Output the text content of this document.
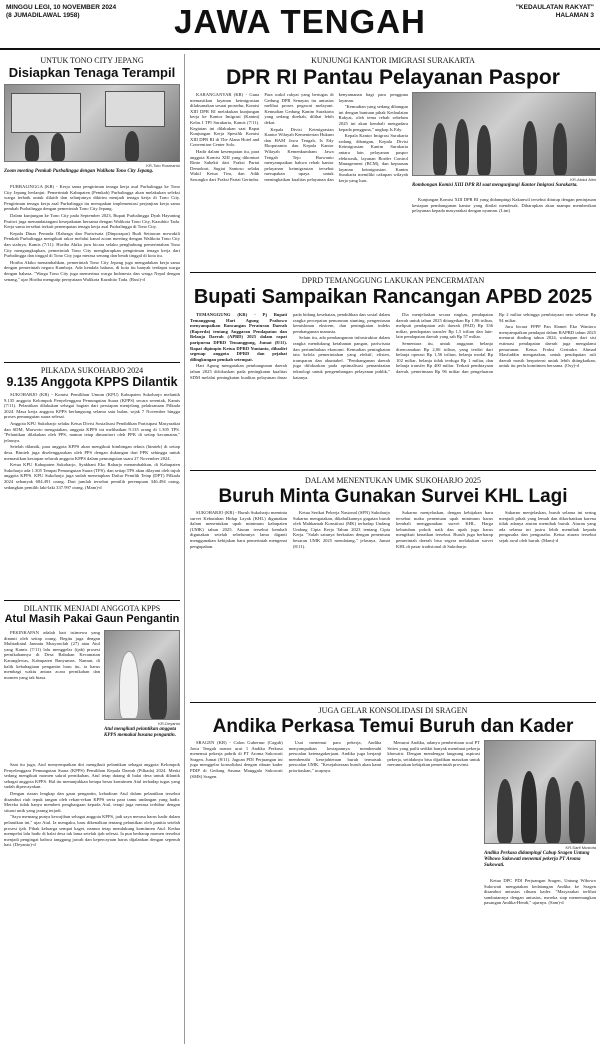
MINGGU LEGI, 10 NOVEMBER 2024
(8 JUMADILAWAL 1958)	JAWA TENGAH	"KEDAULATAN RAKYAT"
HALAMAN 3
UNTUK TONO CITY JEPANG
Disiapkan Tenaga Terampil
KR-Toto Rusmanto
Zoom meeting Pemkab Purbalingga dengan Walikota Tono City Jepang.

PURBALINGGA (KR) - Kerja sama pengiriman tenaga kerja asal Purbalingga ke Tono City Jepang berlanjut. Pemerintah Kabupaten (Pemkab) Purbalingga akan melakukan seleksi warga terbaik untuk dilatih dan selanjutnya dikirim menjadi tenaga kerja di Tono City. Pengiriman tenaga kerja asal Purbalingga itu merupakan implementasi perjanjian kerja sama pemkab Purbalingga dengan pemerintah Tono City Jepang.

Dalam kunjungan ke Tono City pada September 2023, Bupati Purbalingga Dyah Hayuning Pratiwi juga menandatangani kesepakatan bersama dengan Walikota Tono City, Kazuhito Tada. Kerja sama tersebut terkait penempatan tenaga kerja asal Purbalingga di Tono City.

Kepala Dinas Pemuda Olahraga dan Pariwisata (Dinporapar) Budi Setiawan mewakili Pemkab Purbalingga mengikuti rakor melalui kanal zoom meeting dengan Walikota Tono City dan stafnya, Kamis (7/11). Horiba Akiko juru bicara selaku penghubung pemerintahan Tono City mengungkapkan, pemerintah Tono City mengharapkan pengiriman tenaga kerja dari Purbalingga dan tinggal di Tono City juga merasa senang dan betah tinggal di kota itu.

Horiba Akiko menambahkan, pemerintah Tono City Jepang juga mengadakan kerja sama dengan pemerintah negara Kamboja. Ada kendala bahasa, di kota itu banyak terdapat warga dengan bahasa. "Warga Tono City juga memerima warga Indonesia dan warga Nepal dengan senang," ujar Horiba mengutip pernyataan Walikota Kazuhito Tada. (Rusi)-d

PILKADA SUKOHARJO 2024
9.135 Anggota KPPS Dilantik

SUKOHARJO (KR) - Komisi Pemilihan Umum (KPU) Kabupaten Sukoharjo melantik 9.135 anggota Kelompok Penyelenggara Pemungutan Suara (KPPS) secara serentak, Kamis (7/11). Pelantikan dilakukan sebagai bagian dari persiapan menjelang pelaksanaan Pilkada 2024. Masa kerja anggota KPPS berlangsung selama satu bulan, sejak 7 November hingga proses pemungutan suara selesai.

Anggota KPU Sukoharjo selaku Ketua Divisi Sosialisasi Pendidikan Partisipasi Masyarakat dan SDM, Marwoto mengatakan, anggota KPPS ini melibatkan 9.135 orang di 1.305 TPS. "Pelantikan dilakukan oleh PPS, namun tetap dimonitori oleh PPK di setiap kecamatan," jelasnya.

Setelah dilantik, para anggota KPPS akan mengikuti bimbingan teknis (bimtek) di setiap desa. Bimtek juga diselenggarakan oleh PPS dengan dukungan dari PPK sehingga untuk memastikan kesiapan seluruh anggota KPPS dalam pemungutan suara 27 November 2024.

Ketua KPU Kabupaten Sukoharjo, Syakbani Eko Raharjo menambahkan, di Kabupaten Sukoharjo ada 1.305 Tempat Pemungutan Suara (TPS), dan setiap TPS akan dilayani oleh tujuh anggota KPPS. KPU Sukoharjo juga sudah menetapkan Daftar Pemilih Tetap (DPT) Pilkada 2024 sebanyak 684.491 orang. Dari jumlah tersebut pemilih perempuan 346.494 orang, sedangkan pemilih laki-laki 337.997 orang. (Mam)-d

DILANTIK MENJADI ANGGOTA KPPS
Atul Masih Pakai Gaun Pengantin

PEKINKAPAN adalah hari istimewa yang dinanti oleh setiap orang. Begitu juga dengan Muhtadiatul Jannatu Musyarofah (27) atau Atul yang Kamis (7/11) lalu menggelar (ijab) prosesi pernikahannya di Desa Babakan Kecamatan Karanglewas, Kabupaten Banyumas. Namun, di balik kebahagiaan pengantin baru itu, ia harus membagi waktu antara acara pernikahan dan momen yang tak biasa.

KR-Deyanto
Atul mengikuti pelantikan anggota KPPS memakai busana pengantin.

Saat itu juga, Atul menyempatkan diri mengikuti pelantikan sebagai anggota Kelompok Penyelenggara Pemungutan Suara (KPPS) Pemilihan Kepala Daerah (Pilkada) 2024. Meski sedang mengikuti momen sakral pernikahan, Atul tetap datang di balai desa untuk dilantik sebagai anggota KPPS. Hal itu menunjukkan betapa besar komitmen Atul terhadap tugas yang sudah dipercayakan.

Dengan riasan lengkap dan gaun pengantin, kehadiran Atul dalam pelantikan tersebut disambut riuh tepuk tangan oleh rekan-rekan KPPS serta para tamu undangan yang hadir. Mereka tidak hanya memberi penghargaan kepada Atul, tetapi juga merasa terhibur dengan situasi unik yang jarang terjadi.

"Saya memang punya kewajiban sebagai anggota KPPS, jadi saya merasa harus hadir dalam pelantikan ini," ujar Atul. Ia mengaku, baru dikenalkan tentang pelantikan oleh panitia setelah prosesi ijab. Pihak keluarga sempat kaget, namun tetap mendukung komitmen Atul. Kedua mempelai lalu hadir di balai desa tak lama setelah ijab selesai. Ia pun berharap momen tersebut menjadi pengingat bahwa tanggung jawab dan kepercayaan harus dijalankan dengan sepenuh hati. (Deyanto)-d

KUNJUNGI KANTOR IMIGRASI SURAKARTA
DPR RI Pantau Pelayanan Paspor

KARANGANYAR (KR) - Guna memastikan layanan keimigrasian dilaksanakan sesuai prosedur, Komisi XIII DPR RI melakukan kunjungan kerja ke Kantor Imigrasi (Kanim) Kelas I TPI Surakarta, Kamis (7/11). Kegiatan ini dilakukan saat Rapat Kunjungan Kerja Spesifik Komisi XIII DPR RI di The Alana Hotel and Convention Center Solo.

Hadir dalam kesempatan itu, para anggota Komisi XIII yang dikoniuri Rinto Subekti dari Fraksi Partai Demokrat, Sugiat Santoso selaku Wakil Ketua Tim, dan Adik Sasongko dari Fraksi Partai Gerindra. Para wakil rakyat yang bertugas di Gedung DPR Senayan itu antusias melihat proses pegawai melayani. Kemudian Gedung Kanim Surakarta yang sedang direhab, dilihat lebih dekat.

Kepala Divisi Keimigrasian Kantor Wilayah Kementerian Hukum dan HAM Jawa Tengah, Is Edy Ekoputranto dan Kepala Kantor Wilayah Kemenkumham Jawa Tengah Tejo Harwanto menyampaikan bahwa rehab kantor pelayanan keimigrasian tersebut merupakan upaya untuk meningkatkan kualitas pelayanan dan kenyamanan bagi para pengguna layanan.

"Kemudian yang sedang dibangun ini dengan bantuan pihak Kedaulatan Rakyat, oleh tema rehab sebelum 2025 ini akan kembali mengudara kepada pengguna," ungkap Is Edy.

Kepala Kantor Imigrasi Surakarta sedang dibangun, Kepala Divisi Keimigrasian Kanim Surakarta antara lain pelayanan paspor elektronik, layanan Border Control Management (BCM), dan kepuasan layanan keimigrasian. Kanim Surakarta memiliki cakupan wilayah kerja yang luas.	KR-Abdul Alim
Rombongan Komisi XIII DPR RI saat mengunjungi Kantor Imigrasi Surakarta.

Kunjungan Komisi XIII DPR RI yang didampingi Kakanwil tersebut ditutup dengan peninjauan kesiapan pembangunan kantor yang dinilai mendesak. Diharapkan akan mampu memberikan pelayanan kepada masyarakat dengan nyaman. (Lim)

DPRD TEMANGGUNG LAKUKAN PENCERMATAN
Bupati Sampaikan Rancangan APBD 2025

TEMANGGUNG (KR) - Pj Bupati Temanggung Hari Agung Prabowo menyampaikan Rancangan Peraturan Daerah (Raperda) tentang Anggaran Pendapatan dan Belanja Daerah (APBD) 2025 dalam rapat paripurna DPRD Temanggung, Jumat (8/11). Rapat dipimpin Ketua DPRD Yunianto, dihadiri segenap anggota DPRD dan pejabat dilingkungan pemkab setempat.

Hari Agung mengatakan pembangunan daerah tahun 2025 difokuskan pada peningkatan kualitas SDM melalui peningkatan kualitas pelayanan dasar pada bidang kesehatan, pendidikan dan sosial dalam rangka percepatan penurunan stunting, pengentasan kemiskinan ekstrem, dan peningkatan indeks pembangunan manusia.

Selain itu, ada pembangunan infrastruktur dalam rangka mendukung ketahanan pangan, pariwisata dan pertumbuhan ekonomi. Kemudian peningkatan tata kelola pemerintahan yang efektif, efisien, transparan dan akuntabel. "Pembangunan daerah juga difokuskan pada optimalisasi pemanfaatan teknologi untuk pengembangan pelayanan publik," katanya.

Dia menjelaskan secara ringkas, pendapatan daerah untuk tahun 2025 ditargetkan Rp 1,96 triliun, meliputi pendapatan asli daerah (PAD) Rp 336 miliar, pendapatan transfer Rp 1,5 triliun dan lain-lain pendapatan daerah yang sah Rp 57 miliar.

Sementara itu, untuk anggaran belanja direncanakan Rp 2,06 triliun, yang terdiri dari belanja operasi Rp 1,56 triliun, belanja modal Rp 102 miliar, belanja tidak terduga Rp 1 miliar, dan belanja transfer Rp 400 miliar. Terkait pembiayaan daerah, penerimaan Rp 96 miliar dan pengeluaran Rp 2 miliar sehingga pembiayaan neto sebesar Rp 94 miliar.

Juru bicara FPPP Pan Slamet Eko Wantoro menyampaikan pendapat dalam RAPBD tahun 2025 menurut dinding tahun 2024, walaupun dari sisi estimasi pendapatan daerah juga mengalami penurunan. Ketua Fraksi Gerindra Ahmad Masfuddin mengatakan, untuk pendapatan asli daerah masih berpotensi untuk lebih ditingkatkan, untuk itu perlu komitmen bersama. (Osy)-d

DALAM MENENTUKAN UMK SUKOHARJO 2025
Buruh Minta Gunakan Survei KHL Lagi

SUKOHARJO (KR) - Buruh Sukoharjo meminta survei Kebutuhan Hidup Layak (KHL) digunakan dalam menentukan upah minimum kabupaten (UMK) tahun 2025. Aturan tersebut kembali digunakan setelah sebelumnya lama diganti menggunakan kebijakan baru pemerintah mengenai pengupahan.

Ketua Serikat Pekerja Nasional (SPN) Sukoharjo Sukarno mengatakan, dikabulkannya gugatan buruh oleh Mahkamah Konstitusi (MK) terhadap Undang Undang Cipta Kerja Tahun 2023 tentang Cipta Kerja. "Salah satunya berkaitan dengan penentuan besaran UMK 2025 mendatang," jelasnya, Jumat (8/11).

Sukarno menjelaskan, dengan kebijakan baru tersebut maka penentuan upah minimum harus kembali menggunakan survei KHL. Harga kebutuhan pokok naik dan upah juga harus mengikuti kenaikan tersebut. Buruh juga berharap pemerintah daerah bisa segera melakukan survei KHL di pasar tradisional di Sukoharjo.

Sukarno menjelaskan, buruh selama ini sering menjadi pihak yang lemah dan dikorbankan karena tidak adanya aturan memihak buruh. Aturan yang ada selama ini justru lebih memihak kepada pengusaha dan pengusaha. Ketua aturan tersebut sejak awal oleh buruh. (Mam)-d

JUGA GELAR KONSOLIDASI DI SRAGEN
Andika Perkasa Temui Buruh dan Kader

SRAGEN (KR) - Calon Gubernur (Cagub) Jawa Tengah nomor urut 1 Andika Perkasa menemui pekerja pabrik di PT Aroma Sukowati Sragen, Jumat (8/11). Jagoan PDI Perjuangan ini juga menggelar konsolidasi dengan ribuan kader PDIP di Gedung Sasana Manggala Sukowati (SMS) Sragen.

Usai menemui para pekerja, Andika menyampaikan kesiapannya membenahi persoalan ketenagakerjaan. Andika juga berjanji membenahi kesejahteraan buruh termasuk persoalan UMK. "Kesejahteraan buruh akan kami prioritaskan," ucapnya.

Menurut Andika, adanya pemberitaan soal PT Sritex yang pailit sedikit banyak membuat pekerja khawatir. Dengan mendengar langsung aspirasi pekerja, setidaknya bisa dijadikan masukan untuk merumuskan kebijakan pemerintah provinsi.

KR-Sarif Mustofa
Andika Perkasa didampingi Cabup Sragen Untung Wibowo Sukowati menemui pekerja PT Aroma Sukowati.

Ketua DPC PDI Perjuangan Sragen, Untung Wibowo Sukowati mengatakan kedatangan Andika ke Sragen disambut antusias ribuan kader. "Masyarakat terlihat sambutannya dengan antusias, mereka siap memenangkan pasangan Andika-Hendi," ujarnya. (Sam)-d
